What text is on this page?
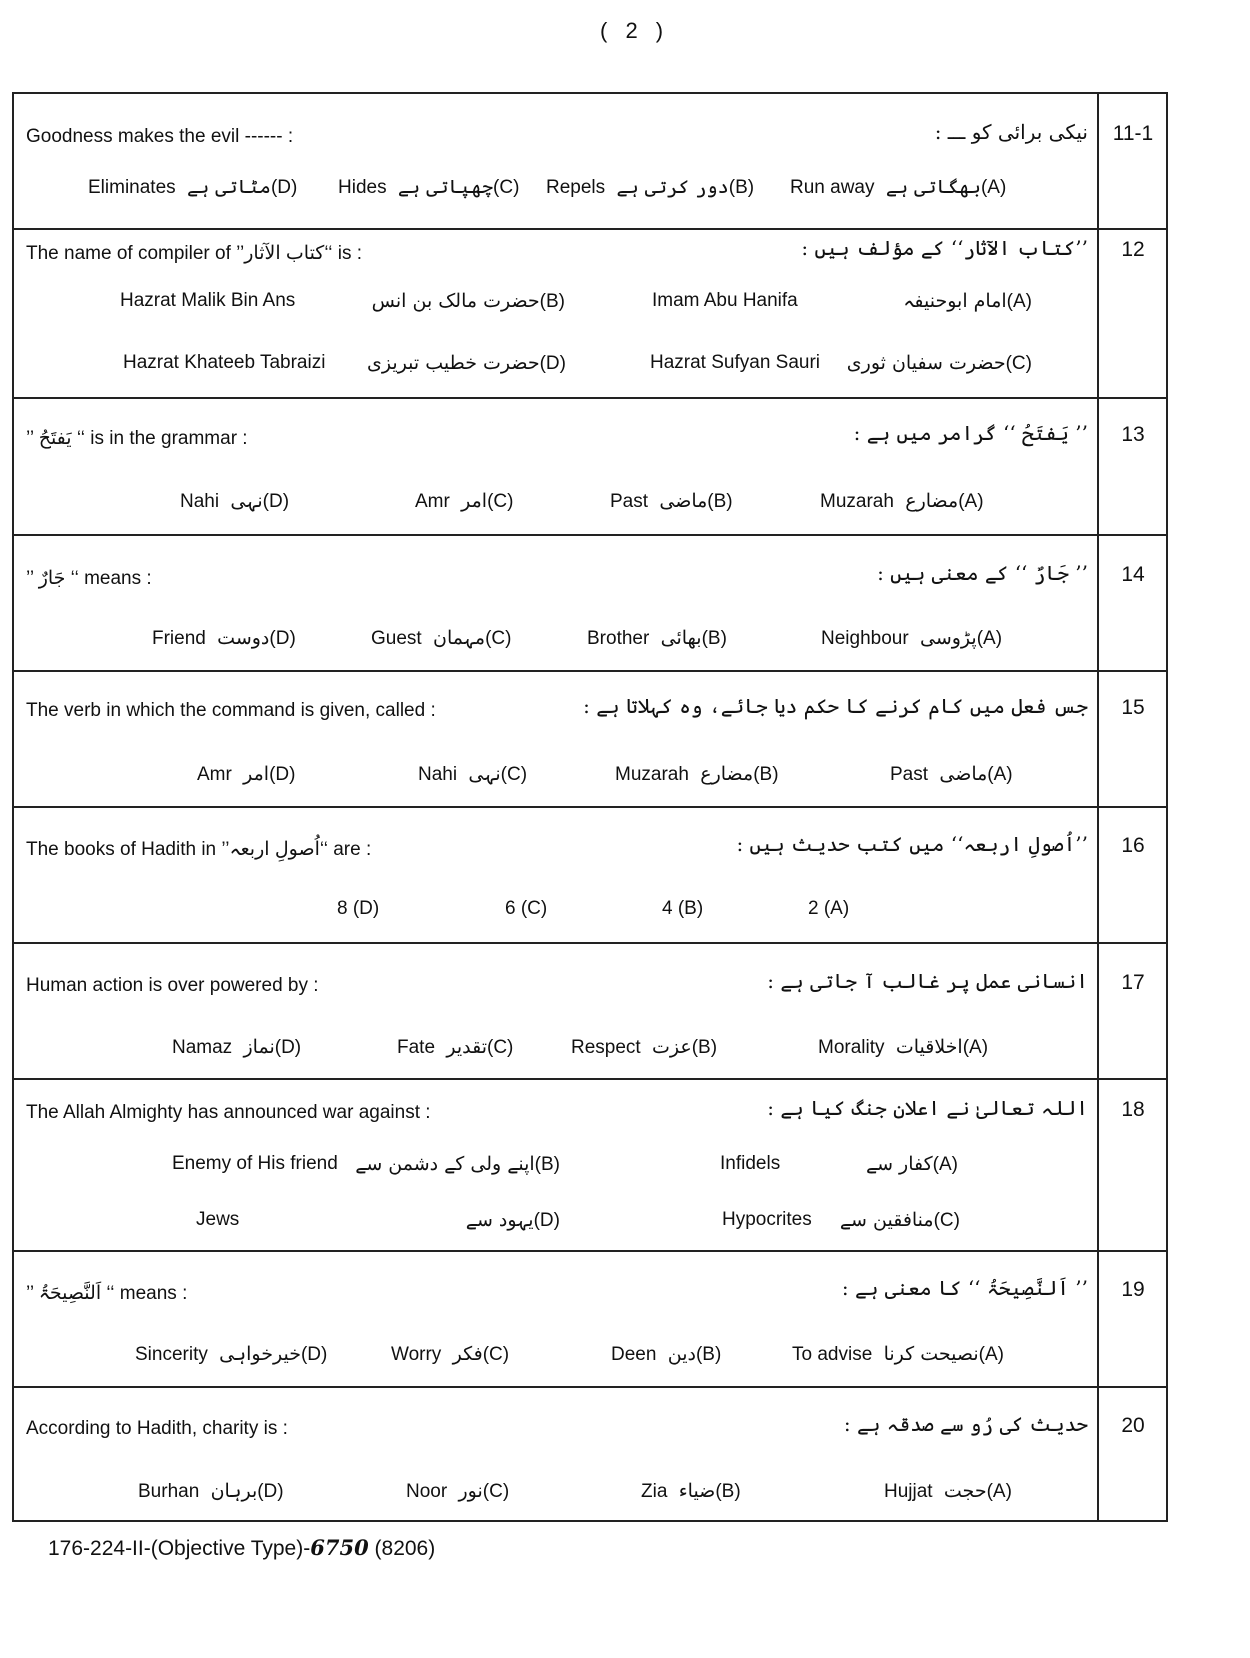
( 2 )
11-1
Goodness makes the evil ------ :	نیکی برائی کو ـــ :
Eliminates مٹاتی ہے (D) Hides چھپاتی ہے (C) Repels دور کرتی ہے (B) Run away بھگاتی ہے (A)
12
The name of compiler of ’’کتاب الآثار‘‘ is :	’’کتاب الآثار‘‘ کے مؤلف ہیں :
Hazrat Malik Bin Ans	حضرت مالک بن انس (B)	Imam Abu Hanifa	امام ابوحنیفہ (A)
Hazrat Khateeb Tabraizi حضرت خطیب تبریزی (D)	Hazrat Sufyan Sauri حضرت سفیان ثوری (C)
13
’’ یَفتَحُ ‘‘ is in the grammar :	’’ یَفتَحُ ‘‘ گرامر میں ہے :
Nahi نہی (D)	Amr امر (C)	Past ماضی (B)	Muzarah مضارع (A)
14
’’ جَارٌ ‘‘ means :	’’ جَارٌ ‘‘ کے معنی ہیں :
Friend دوست (D)	Guest مہمان (C)	Brother بھائی (B)	Neighbour پڑوسی (A)
15
The verb in which the command is given, called :	جس فعل میں کام کرنے کا حکم دیا جائے، وہ کہلاتا ہے :
Amr امر (D)	Nahi نہی (C)	Muzarah مضارع (B)	Past ماضی (A)
16
The books of Hadith in ’’اُصولِ اربعہ‘‘ are :	’’اُصولِ اربعہ‘‘ میں کتب حدیث ہیں :
8 (D)	6 (C)	4 (B)	2 (A)
17
Human action is over powered by :	انسانی عمل پر غالب آ جاتی ہے :
Namaz نماز (D)	Fate تقدیر (C)	Respect عزت (B)	Morality اخلاقیات (A)
18
The Allah Almighty has announced war against :	اللہ تعالیٰ نے اعلان جنگ کیا ہے :
Enemy of His friend اپنے ولی کے دشمن سے (B)	Infidels	کفار سے (A)
Jews	یہود سے (D)	Hypocrites منافقین سے (C)
19
’’ اَلنَّصِیحَۃُ ‘‘ means :	’’ اَلنَّصِیحَۃُ ‘‘ کا معنی ہے :
Sincerity خیرخواہی (D)	Worry فکر (C)	Deen دین (B)	To advise نصیحت کرنا (A)
20
According to Hadith, charity is :	حدیث کی رُو سے صدقہ ہے :
Burhan برہان (D)	Noor نور (C)	Zia ضیاء (B)	Hujjat حجت (A)
176-224-II-(Objective Type)-6750 (8206)
